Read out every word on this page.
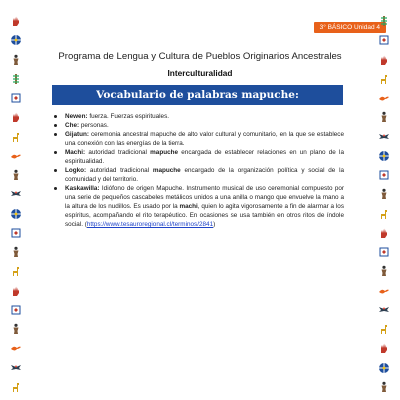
3° BÁSICO Unidad 4
Programa de Lengua y Cultura de Pueblos Originarios Ancestrales
Interculturalidad
Vocabulario de palabras mapuche:
Newen: fuerza. Fuerzas espirituales.
Che: personas.
Gijatun: ceremonia ancestral mapuche de alto valor cultural y comunitario, en la que se establece una conexión con las energías de la tierra.
Machi: autoridad tradicional mapuche encargada de establecer relaciones en un plano de la espiritualidad.
Logko: autoridad tradicional mapuche encargado de la organización política y social de la comunidad y del territorio.
Kaskawilla: Idiófono de origen Mapuche. Instrumento musical de uso ceremonial compuesto por una serie de pequeños cascabeles metálicos unidos a una anilla o mango que envuelve la mano a la altura de los nudillos. Es usado por la machi, quien lo agita vigorosamente a fin de alarmar a los espíritus, acompañando el rito terapéutico. En ocasiones se usa también en otros ritos de índole social. (https://www.tesauroregional.cl/terminos/2841)
